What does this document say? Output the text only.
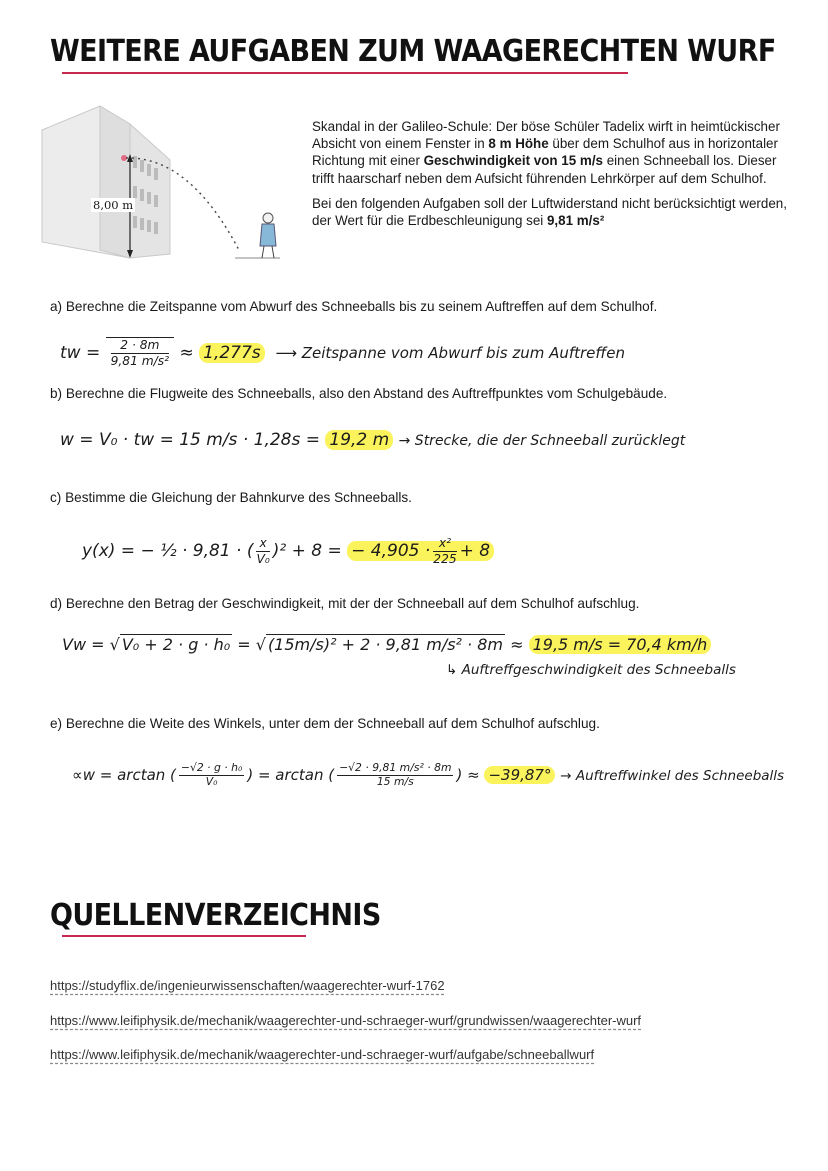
WEITERE AUFGABEN ZUM WAAGERECHTEN WURF
8,00 m

Skandal in der Galileo-Schule: Der böse Schüler Tadelix wirft in heimtückischer Absicht von einem Fenster in 8 m Höhe über dem Schulhof aus in horizontaler Richtung mit einer Geschwindigkeit von 15 m/s einen Schneeball los. Dieser trifft haarscharf neben dem Aufsicht führenden Lehrkörper auf dem Schulhof.

Bei den folgenden Aufgaben soll der Luftwiderstand nicht berücksichtigt werden, der Wert für die Erdbeschleunigung sei 9,81 m/s²

a) Berechne die Zeitspanne vom Abwurf des Schneeballs bis zu seinem Auftreffen auf dem Schulhof.
tw = $\frac{2 \cdot 8m}{\text{9,81 m/s²}} \approx 1,277s$ ⟶ Zeitspanne vom Abwurf bis zum Auftreffen
b) Berechne die Flugweite des Schneeballs, also den Abstand des Auftreffpunktes vom Schulgebäude.
w = V₀ · tw = 15 m/s · 1,28s = 19,2 m → Strecke, die der Schneeball zurücklegt
c) Bestimme die Gleichung der Bahnkurve des Schneeballs.
y(x) = − ½ · 9,81 · ( $\frac{x}{\text{V₀}} )^2 + 8$ = − $4,905 \cdot \frac{\text{x²}}{225} + 8$
d) Berechne den Betrag der Geschwindigkeit, mit der der Schneeball auf dem Schulhof aufschlug.
Vw = √ V₀ + 2 · g · h₀ = √ (15m/s)² + 2 · 9,81 m/s² · 8m ≈ 19,5 m/s = 70,4 km/h
↳ Auftreffgeschwindigkeit des Schneeballs
e) Berechne die Weite des Winkels, unter dem der Schneeball auf dem Schulhof aufschlug.
∝w = arctan ( $\frac{\text{−√2 · g · h₀}}{\text{V₀}}$ ) = arctan ( $\frac{\text{−√2 · 9,81 m/s² · 8m}}{15 m/s}$ ) ≈ −39,87° → Auftreffwinkel des Schneeballs
QUELLENVERZEICHNIS
https://studyflix.de/ingenieurwissenschaften/waagerechter-wurf-1762
https://www.leifiphysik.de/mechanik/waagerechter-und-schraeger-wurf/grundwissen/waagerechter-wurf
https://www.leifiphysik.de/mechanik/waagerechter-und-schraeger-wurf/aufgabe/schneeballwurf
